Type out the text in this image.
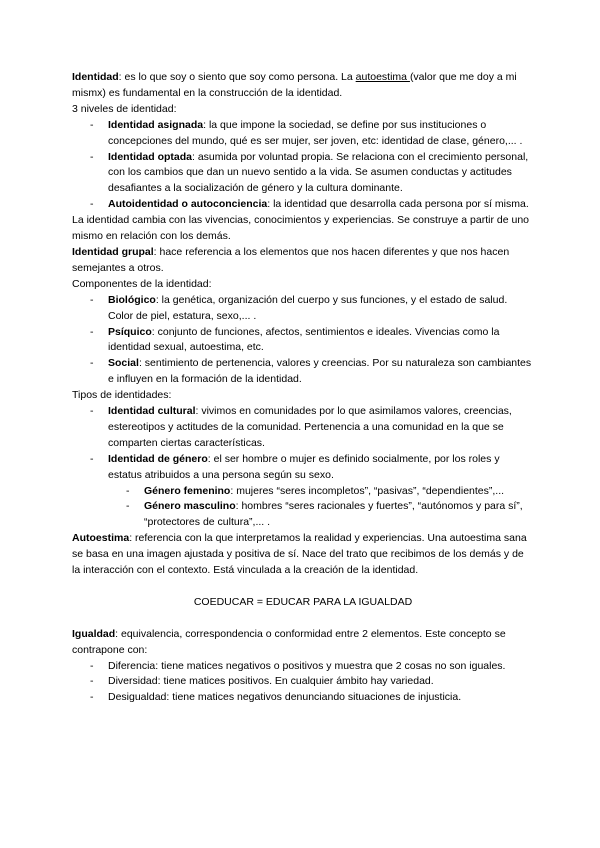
Identidad: es lo que soy o siento que soy como persona. La autoestima (valor que me doy a mi mismx) es fundamental en la construcción de la identidad.

3 niveles de identidad:

- Identidad asignada: la que impone la sociedad, se define por sus instituciones o concepciones del mundo, qué es ser mujer, ser joven, etc: identidad de clase, género,... .
- Identidad optada: asumida por voluntad propia. Se relaciona con el crecimiento personal, con los cambios que dan un nuevo sentido a la vida. Se asumen conductas y actitudes desafiantes a la socialización de género y la cultura dominante.
- Autoidentidad o autoconciencia: la identidad que desarrolla cada persona por sí misma.

La identidad cambia con las vivencias, conocimientos y experiencias. Se construye a partir de uno mismo en relación con los demás.

Identidad grupal: hace referencia a los elementos que nos hacen diferentes y que nos hacen semejantes a otros.

Componentes de la identidad:

- Biológico: la genética, organización del cuerpo y sus funciones, y el estado de salud. Color de piel, estatura, sexo,... .
- Psíquico: conjunto de funciones, afectos, sentimientos e ideales. Vivencias como la identidad sexual, autoestima, etc.
- Social: sentimiento de pertenencia, valores y creencias. Por su naturaleza son cambiantes e influyen en la formación de la identidad.

Tipos de identidades:

- Identidad cultural: vivimos en comunidades por lo que asimilamos valores, creencias, estereotipos y actitudes de la comunidad. Pertenencia a una comunidad en la que se comparten ciertas características.
- Identidad de género: el ser hombre o mujer es definido socialmente, por los roles y estatus atribuidos a una persona según su sexo.
- Género femenino: mujeres “seres incompletos”, “pasivas”, “dependientes”,...
- Género masculino: hombres “seres racionales y fuertes”, “autónomos y para sí”, “protectores de cultura”,... .

Autoestima: referencia con la que interpretamos la realidad y experiencias. Una autoestima sana se basa en una imagen ajustada y positiva de sí. Nace del trato que recibimos de los demás y de la interacción con el contexto. Está vinculada a la creación de la identidad.

COEDUCAR = EDUCAR PARA LA IGUALDAD

Igualdad: equivalencia, correspondencia o conformidad entre 2 elementos. Este concepto se contrapone con:

- Diferencia: tiene matices negativos o positivos y muestra que 2 cosas no son iguales.
- Diversidad: tiene matices positivos. En cualquier ámbito hay variedad.
- Desigualdad: tiene matices negativos denunciando situaciones de injusticia.
